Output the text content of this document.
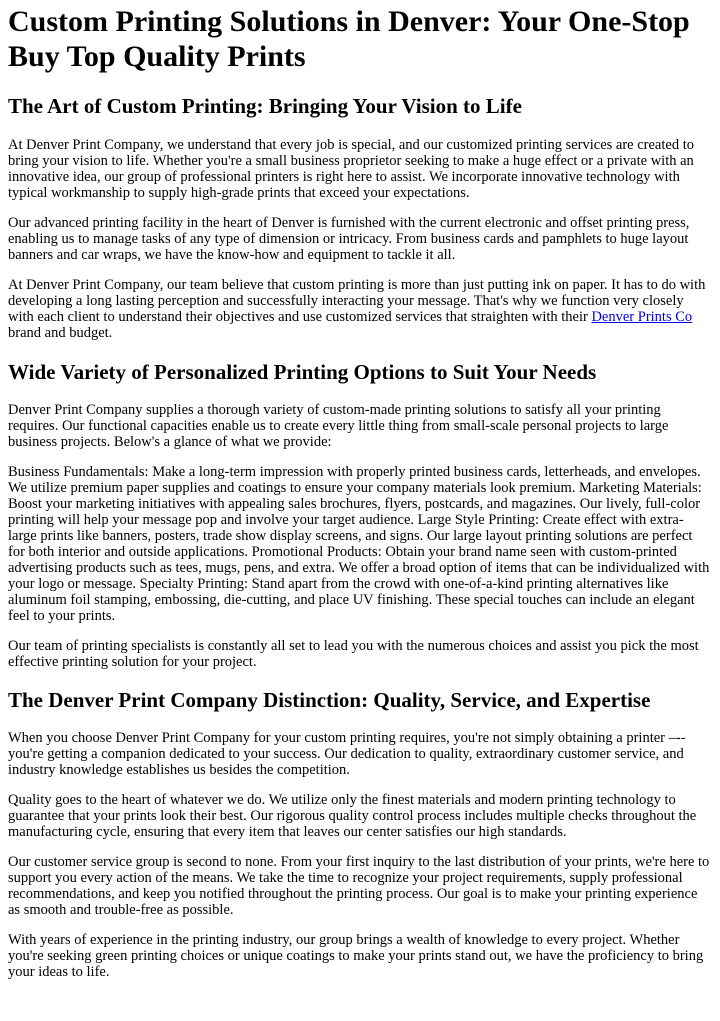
Custom Printing Solutions in Denver: Your One-Stop Buy Top Quality Prints
The Art of Custom Printing: Bringing Your Vision to Life

At Denver Print Company, we understand that every job is special, and our customized printing services are created to bring your vision to life. Whether you're a small business proprietor seeking to make a huge effect or a private with an innovative idea, our group of professional printers is right here to assist. We incorporate innovative technology with typical workmanship to supply high-grade prints that exceed your expectations.

Our advanced printing facility in the heart of Denver is furnished with the current electronic and offset printing press, enabling us to manage tasks of any type of dimension or intricacy. From business cards and pamphlets to huge layout banners and car wraps, we have the know-how and equipment to tackle it all.

At Denver Print Company, our team believe that custom printing is more than just putting ink on paper. It has to do with developing a long lasting perception and successfully interacting your message. That's why we function very closely with each client to understand their objectives and use customized services that straighten with their Denver Prints Co brand and budget.

Wide Variety of Personalized Printing Options to Suit Your Needs

Denver Print Company supplies a thorough variety of custom-made printing solutions to satisfy all your printing requires. Our functional capacities enable us to create every little thing from small-scale personal projects to large business projects. Below's a glance of what we provide:

Business Fundamentals: Make a long-term impression with properly printed business cards, letterheads, and envelopes. We utilize premium paper supplies and coatings to ensure your company materials look premium. Marketing Materials: Boost your marketing initiatives with appealing sales brochures, flyers, postcards, and magazines. Our lively, full-color printing will help your message pop and involve your target audience. Large Style Printing: Create effect with extra-large prints like banners, posters, trade show display screens, and signs. Our large layout printing solutions are perfect for both interior and outside applications. Promotional Products: Obtain your brand name seen with custom-printed advertising products such as tees, mugs, pens, and extra. We offer a broad option of items that can be individualized with your logo or message. Specialty Printing: Stand apart from the crowd with one-of-a-kind printing alternatives like aluminum foil stamping, embossing, die-cutting, and place UV finishing. These special touches can include an elegant feel to your prints.

Our team of printing specialists is constantly all set to lead you with the numerous choices and assist you pick the most effective printing solution for your project.

The Denver Print Company Distinction: Quality, Service, and Expertise

When you choose Denver Print Company for your custom printing requires, you're not simply obtaining a printer –-- you're getting a companion dedicated to your success. Our dedication to quality, extraordinary customer service, and industry knowledge establishes us besides the competition.

Quality goes to the heart of whatever we do. We utilize only the finest materials and modern printing technology to guarantee that your prints look their best. Our rigorous quality control process includes multiple checks throughout the manufacturing cycle, ensuring that every item that leaves our center satisfies our high standards.

Our customer service group is second to none. From your first inquiry to the last distribution of your prints, we're here to support you every action of the means. We take the time to recognize your project requirements, supply professional recommendations, and keep you notified throughout the printing process. Our goal is to make your printing experience as smooth and trouble-free as possible.

With years of experience in the printing industry, our group brings a wealth of knowledge to every project. Whether you're seeking green printing choices or unique coatings to make your prints stand out, we have the proficiency to bring your ideas to life.
